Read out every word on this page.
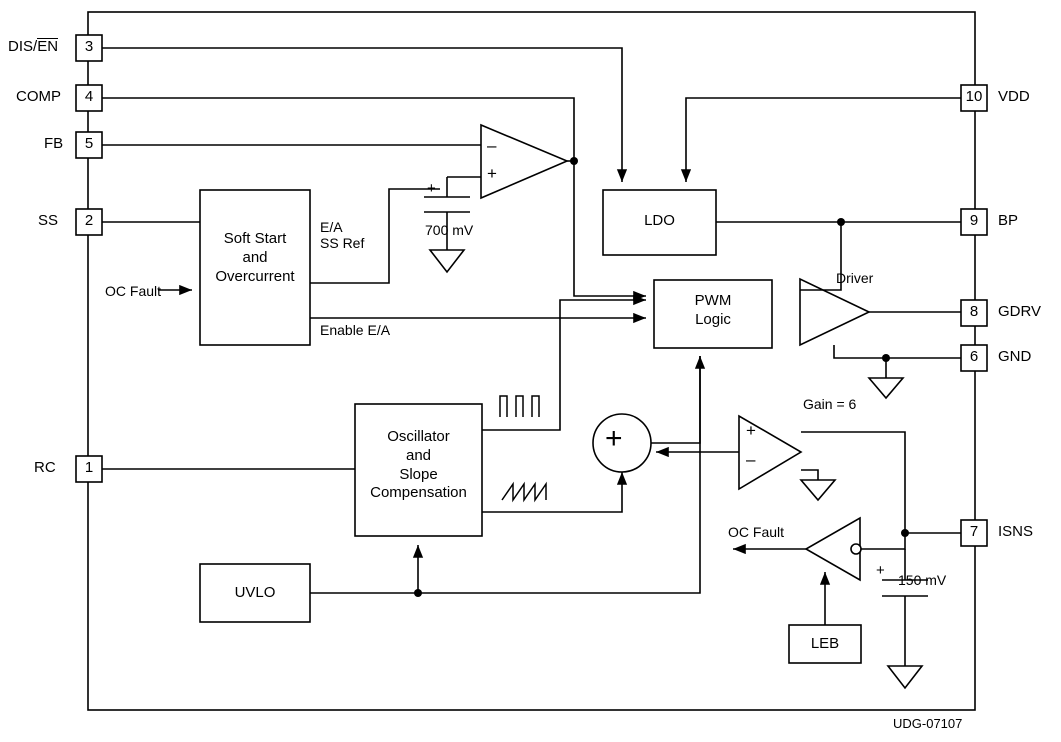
DIS/EN	3
COMP	4
FB	5
SS	2
RC	1
10	VDD
9	BP
8	GDRV
6	GND
7	ISNS
Soft Start
and
Overcurrent
LDO
PWM
Logic
Oscillator
and
Slope
Compensation
UVLO
LEB
OC Fault
E/A
SS Ref
Enable E/A
700 mV
Driver
Gain = 6
OC Fault
150 mV
–
+
+
–
+
+
+
UDG-07107
